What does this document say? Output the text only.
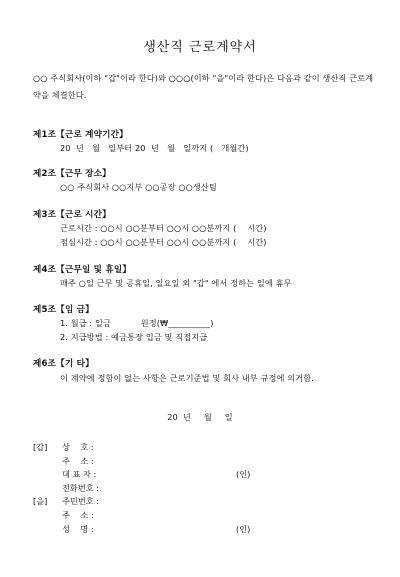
생산직 근로계약서
○○ 주식회사(이하 "갑"이라 한다)와 ○○○(이하 "을"이라 한다)은 다음과 같이 생산직 근로계약을 체결한다.
제1조【근로 계약기간】
20  년   월   일부터 20  년   월   일까지 (   개월간)
제2조【근무 장소】
○○ 주식회사 ○○지부 ○○공장 ○○생산팀
제3조【근로 시간】
근로시간 : ○○시 ○○분부터 ○○시 ○○분까지 (    시간)
점심시간 : ○○시 ○○분부터 ○○시 ○○분까지 (    시간)
제4조【근무일 및 휴일】
매주 ○일 근무 및 공휴일, 일요일 외 "갑" 에서 정하는 일에 휴무
제5조【임 금】
1. 월급 : 일금           원정(₩__________)
2. 지급방법 : 예금통장 입금 및 직접지급
제6조【기 타】
이 계약에 정함이 없는 사항은 근로기준법 및 회사 내부 규정에 의거함.
20  년     월     일
[갑] 상    호 :
주    소 :
대 표 자 :	(인)
전화번호 :
[을] 주민번호 :
주    소 :
성    명 :	(인)
